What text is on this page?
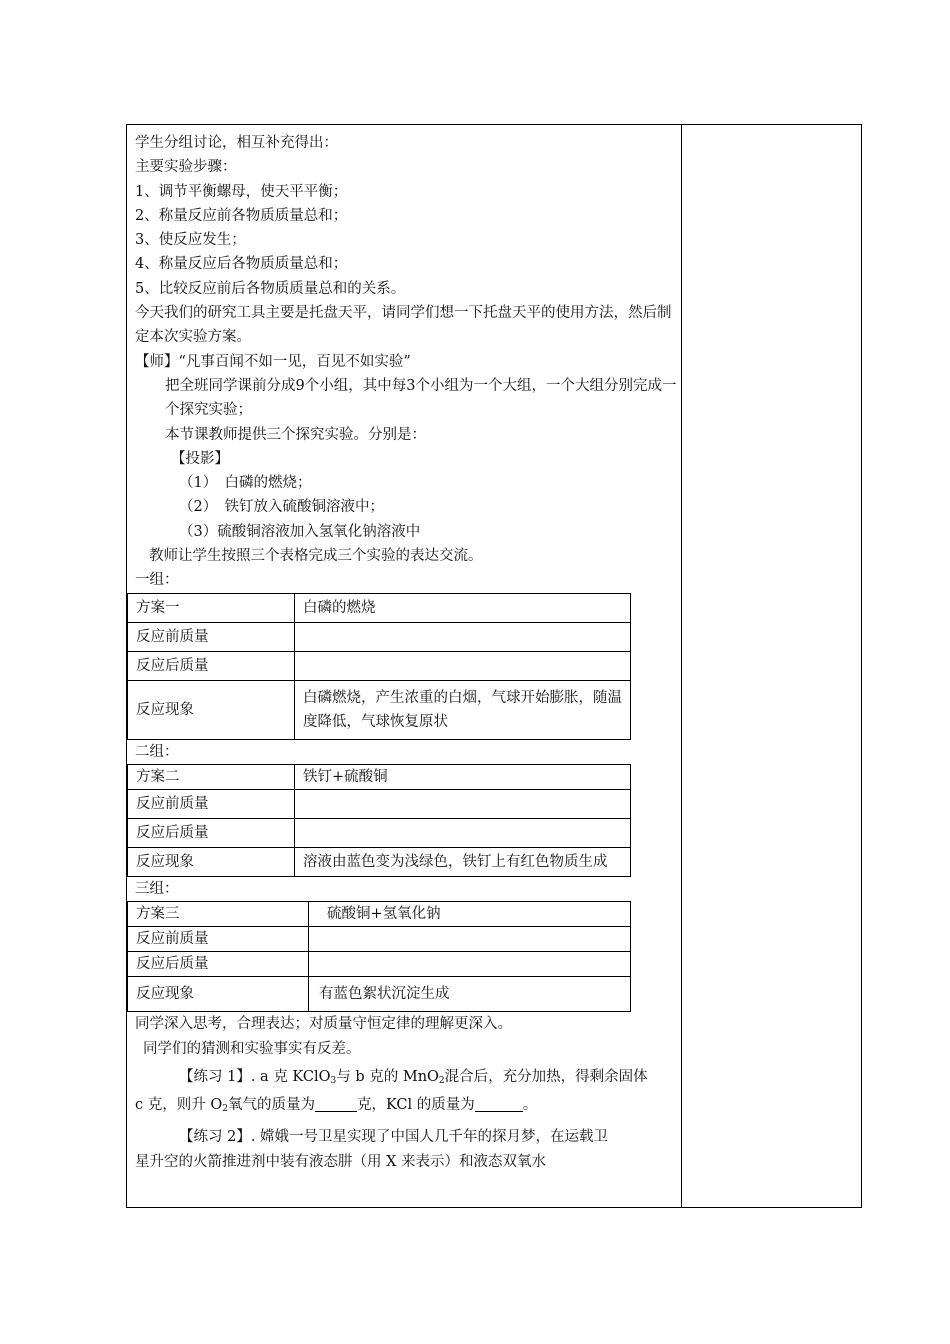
学生分组讨论，相互补充得出：
主要实验步骤：
1、调节平衡螺母，使天平平衡；
2、称量反应前各物质质量总和；
3、使反应发生；
4、称量反应后各物质质量总和；
5、比较反应前后各物质质量总和的关系。
今天我们的研究工具主要是托盘天平，请同学们想一下托盘天平的使用方法，然后制定本次实验方案。
【师】“凡事百闻不如一见，百见不如实验”
把全班同学课前分成9个小组，其中每3个小组为一个大组，一个大组分别完成一个探究实验；
本节课教师提供三个探究实验。分别是：
【投影】
（1）　白磷的燃烧；
（2）　铁钉放入硫酸铜溶液中；
（3）硫酸铜溶液加入氢氧化钠溶液中
教师让学生按照三个表格完成三个实验的表达交流。
一组：
方案一	白磷的燃烧
反应前质量	
反应后质量	
反应现象	白磷燃烧，产生浓重的白烟，气球开始膨胀，随温度降低，气球恢复原状
二组：
方案二	铁钉+硫酸铜
反应前质量	
反应后质量	
反应现象	溶液由蓝色变为浅绿色，铁钉上有红色物质生成
三组：
方案三	硫酸铜+氢氧化钠
反应前质量	
反应后质量	
反应现象	有蓝色絮状沉淀生成
同学深入思考，合理表达；对质量守恒定律的理解更深入。
同学们的猜测和实验事实有反差。
【练习 1】. a 克 KClO$_3$与 b 克的 MnO$_2$混合后，充分加热，得剩余固体
c 克，则升 $O_2$氧气的质量为	克，KCl 的质量为	。
【练习 2】. 嫦娥一号卫星实现了中国人几千年的探月梦，在运载卫
星升空的火箭推进剂中装有液态肼（用 X 来表示）和液态双氧水
